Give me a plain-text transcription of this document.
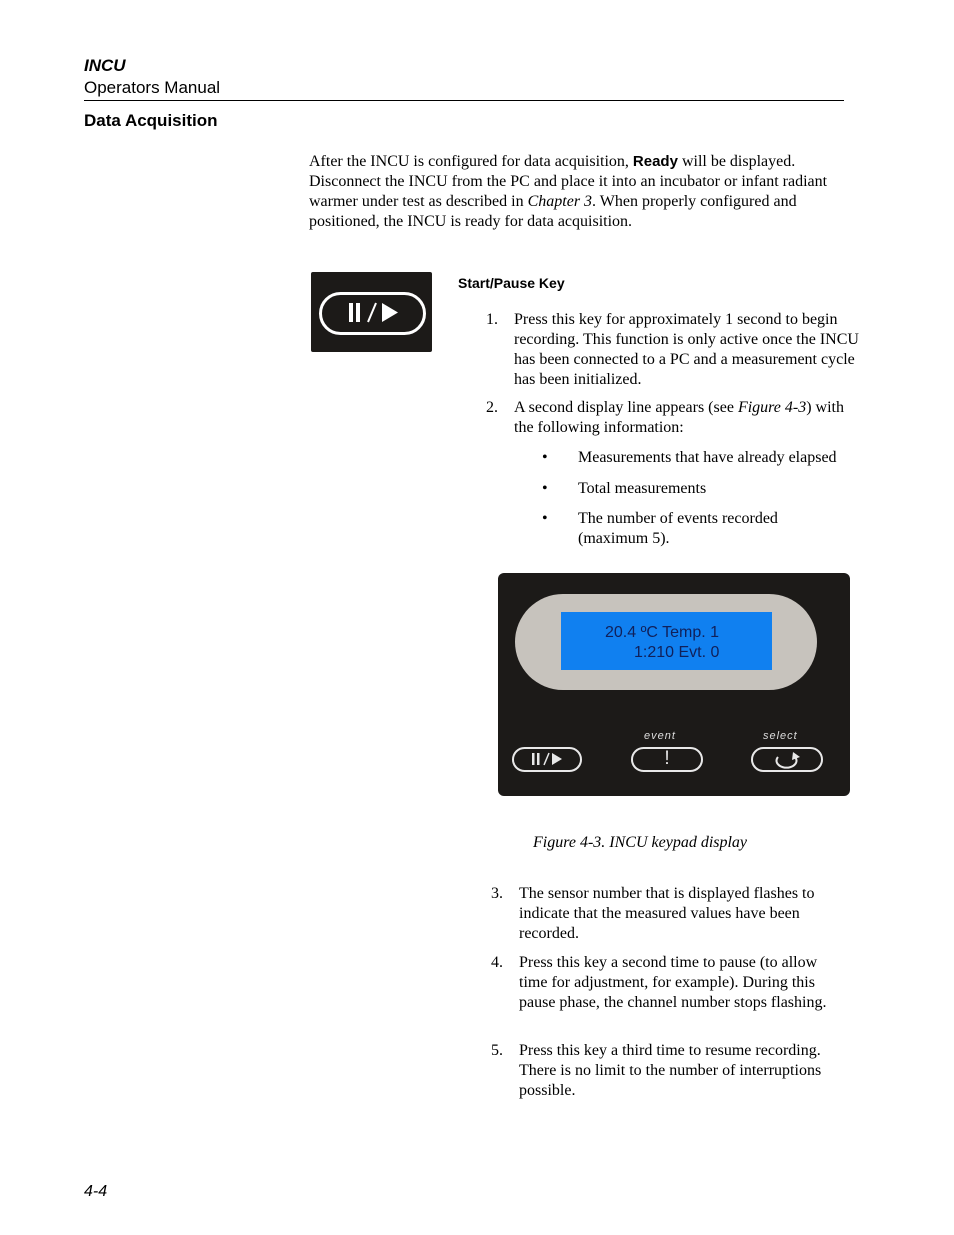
INCU
Operators Manual
Data Acquisition
After the INCU is configured for data acquisition, Ready will be displayed. Disconnect the INCU from the PC and place it into an incubator or infant radiant warmer under test as described in Chapter 3. When properly configured and positioned, the INCU is ready for data acquisition.
Start/Pause Key
1. Press this key for approximately 1 second to begin recording. This function is only active once the INCU has been connected to a PC and a measurement cycle has been initialized.
2. A second display line appears (see Figure 4-3) with the following information:
• Measurements that have already elapsed
• Total measurements
• The number of events recorded (maximum 5).
20.4 ºC Temp. 1
1:210 Evt. 0
event	select
!
Figure 4-3. INCU keypad display
3. The sensor number that is displayed flashes to indicate that the measured values have been recorded.
4. Press this key a second time to pause (to allow time for adjustment, for example). During this pause phase, the channel number stops flashing.
5. Press this key a third time to resume recording. There is no limit to the number of interruptions possible.
4-4
